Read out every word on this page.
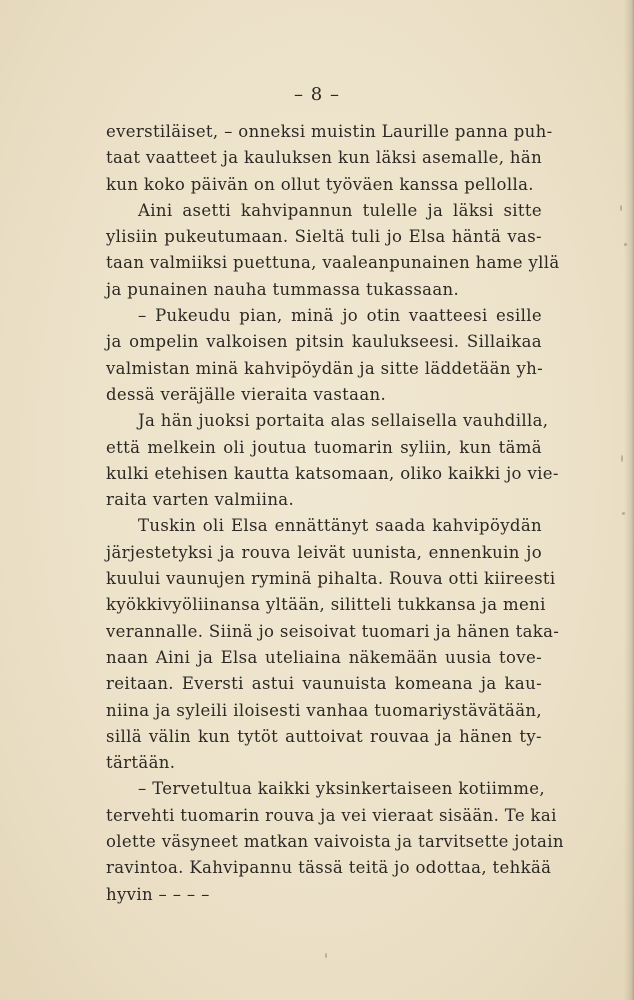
– 8 –
everstiläiset, – onneksi muistin Laurille panna puh-
taat vaatteet ja kauluksen kun läksi asemalle, hän
kun koko päivän on ollut työväen kanssa pellolla.
Aini asetti kahvipannun tulelle ja läksi sitte
ylisiin pukeutumaan. Sieltä tuli jo Elsa häntä vas-
taan valmiiksi puettuna, vaaleanpunainen hame yllä
ja punainen nauha tummassa tukassaan.
– Pukeudu pian, minä jo otin vaatteesi esille
ja ompelin valkoisen pitsin kaulukseesi. Sillaikaa
valmistan minä kahvipöydän ja sitte läddetään yh-
dessä veräjälle vieraita vastaan.
Ja hän juoksi portaita alas sellaisella vauhdilla,
että melkein oli joutua tuomarin syliin, kun tämä
kulki etehisen kautta katsomaan, oliko kaikki jo vie-
raita varten valmiina.
Tuskin oli Elsa ennättänyt saada kahvipöydän
järjestetyksi ja rouva leivät uunista, ennenkuin jo
kuului vaunujen ryminä pihalta. Rouva otti kiireesti
kyökkivyöliinansa yltään, silitteli tukkansa ja meni
verannalle. Siinä jo seisoivat tuomari ja hänen taka-
naan Aini ja Elsa uteliaina näkemään uusia tove-
reitaan. Eversti astui vaunuista komeana ja kau-
niina ja syleili iloisesti vanhaa tuomariystävätään,
sillä välin kun tytöt auttoivat rouvaa ja hänen ty-
tärtään.
– Tervetultua kaikki yksinkertaiseen kotiimme,
tervehti tuomarin rouva ja vei vieraat sisään. Te kai
olette väsyneet matkan vaivoista ja tarvitsette jotain
ravintoa. Kahvipannu tässä teitä jo odottaa, tehkää
hyvin – – – –
